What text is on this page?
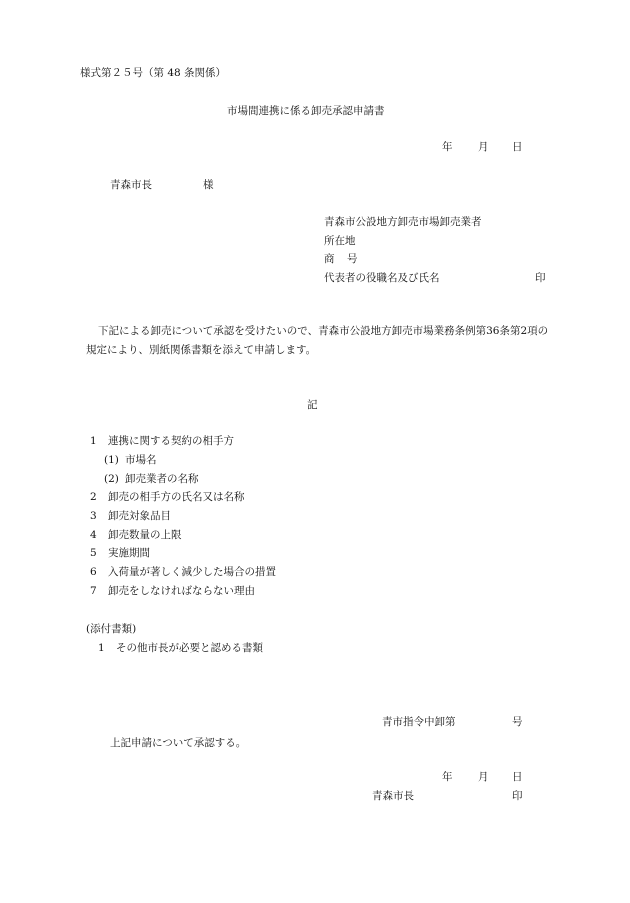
様式第２５号（第 48 条関係）
市場間連携に係る卸売承認申請書
年 月 日
青森市長	様
青森市公設地方卸売市場卸売業者
所在地
商 号
代表者の役職名及び氏名	印
下記による卸売について承認を受けたいので、青森市公設地方卸売市場業務条例第36条第2項の規定により、別紙関係書類を添えて申請します。
記
1 連携に関する契約の相手方
(1) 市場名
(2) 卸売業者の名称
2 卸売の相手方の氏名又は名称
3 卸売対象品目
4 卸売数量の上限
5 実施期間
6 入荷量が著しく減少した場合の措置
7 卸売をしなければならない理由
(添付書類)
1 その他市長が必要と認める書類
青市指令中卸第	号
上記申請について承認する。
年 月 日
青森市長	印
